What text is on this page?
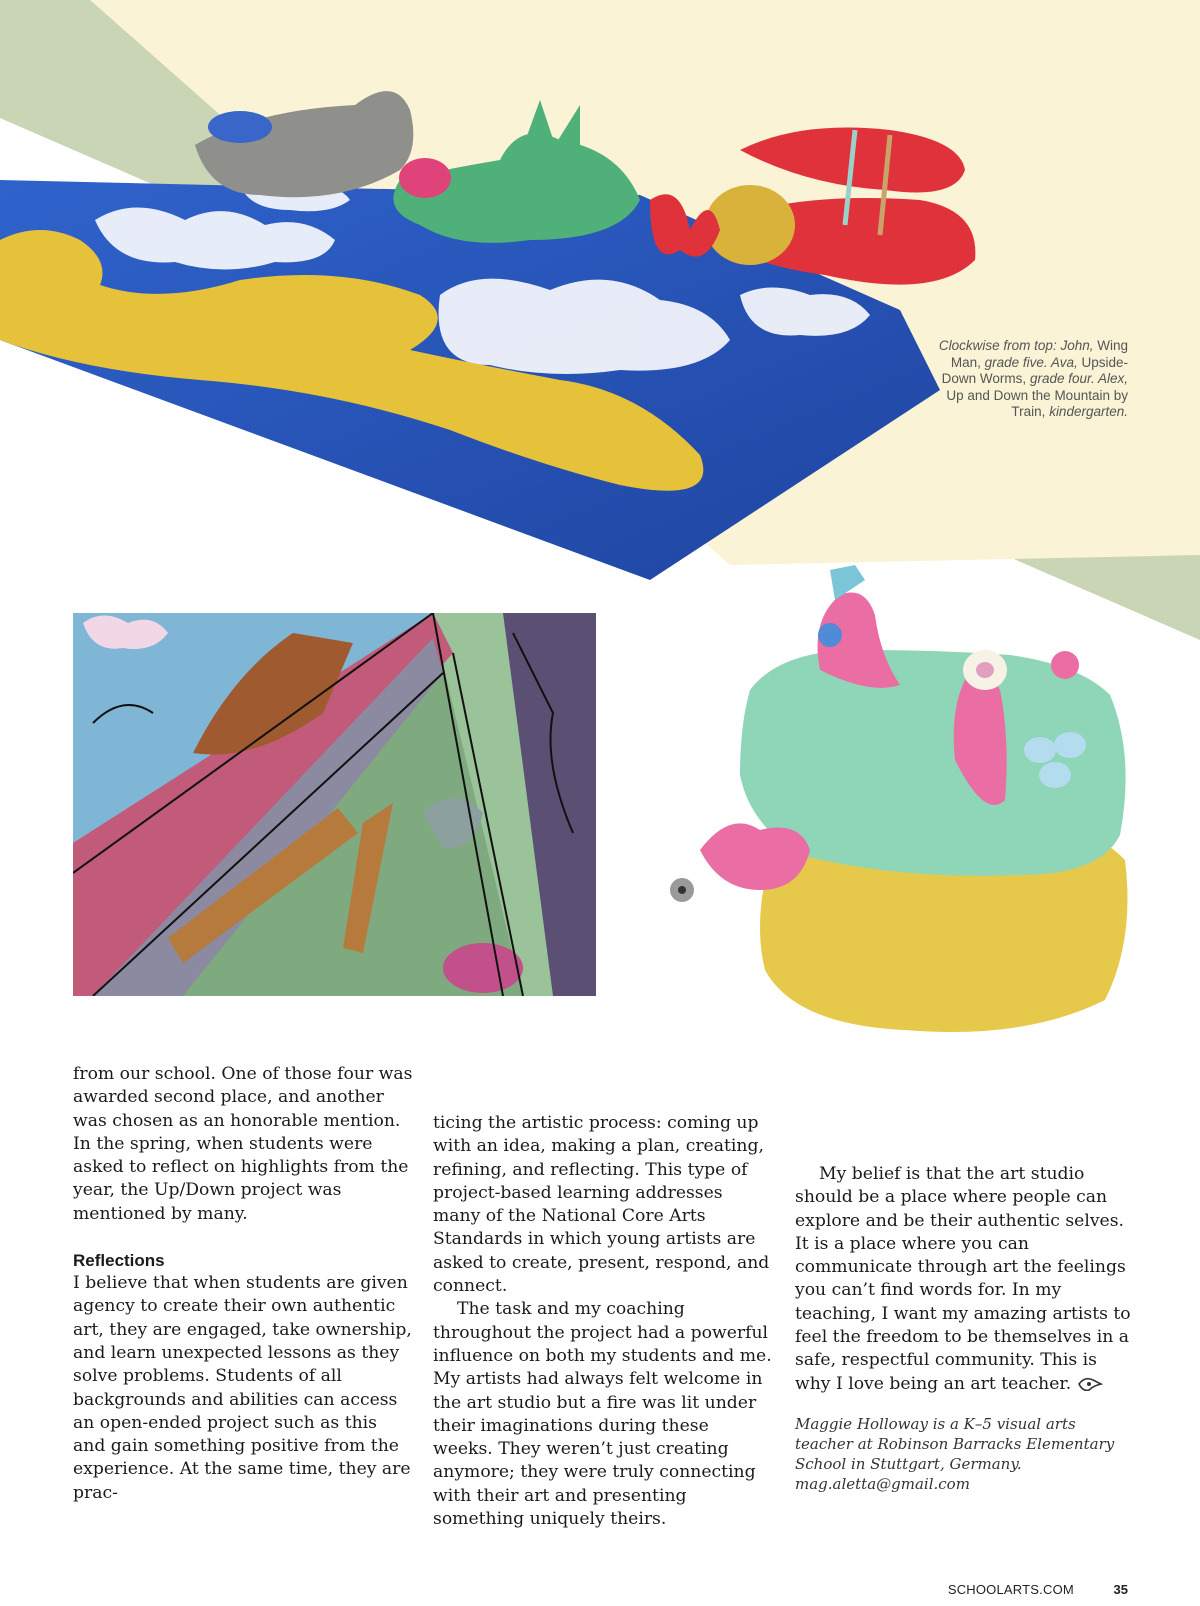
Clockwise from top: John, Wing Man, grade five. Ava, Upside-Down Worms, grade four. Alex, Up and Down the Mountain by Train, kindergarten.

from our school. One of those four was awarded second place, and another was chosen as an honorable mention. In the spring, when students were asked to reflect on highlights from the year, the Up/Down project was mentioned by many.

Reflections

I believe that when students are given agency to create their own authentic art, they are engaged, take ownership, and learn unexpected lessons as they solve problems. Students of all backgrounds and abilities can access an open-ended project such as this and gain something positive from the experience. At the same time, they are prac-

ticing the artistic process: coming up with an idea, making a plan, creating, refining, and reflecting. This type of project-based learning addresses many of the National Core Arts Standards in which young artists are asked to create, present, respond, and connect.

The task and my coaching throughout the project had a powerful influence on both my students and me. My artists had always felt welcome in the art studio but a fire was lit under their imaginations during these weeks. They weren’t just creating anymore; they were truly connecting with their art and presenting something uniquely theirs.

My belief is that the art studio should be a place where people can explore and be their authentic selves. It is a place where you can communicate through art the feelings you can’t find words for. In my teaching, I want my amazing artists to feel the freedom to be themselves in a safe, respectful community. This is why I love being an art teacher.

Maggie Holloway is a K–5 visual arts teacher at Robinson Barracks Elementary School in Stuttgart, Germany. mag.aletta@gmail.com

SCHOOLARTS.COM	35
